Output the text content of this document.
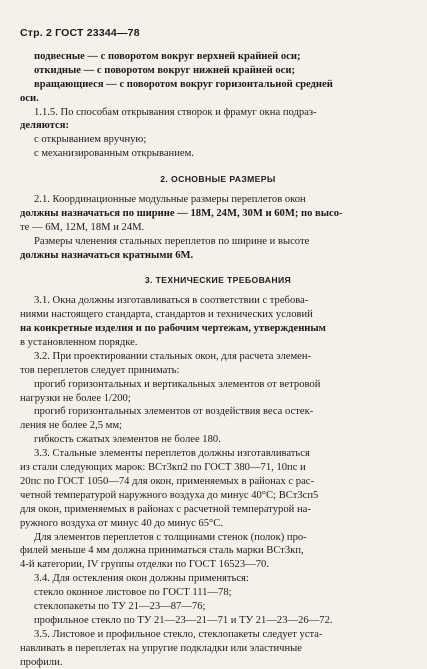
Стр. 2 ГОСТ 23344—78
подвесные — с поворотом вокруг верхней крайней оси;
откидные — с поворотом вокруг нижней крайней оси;
вращающиеся — с поворотом вокруг горизонтальной средней
оси.
1.1.5. По способам открывания створок и фрамуг окна подраз-
деляются:
с открыванием вручную;
с механизированным открыванием.
2. ОСНОВНЫЕ РАЗМЕРЫ
2.1. Координационные модульные размеры переплетов окон
должны назначаться по ширине — 18М, 24М, 30М и 60М; по высо-
те — 6М, 12М, 18М и 24М.
Размеры членения стальных переплетов по ширине и высоте
должны назначаться кратными 6М.
3. ТЕХНИЧЕСКИЕ ТРЕБОВАНИЯ
3.1. Окна должны изготавливаться в соответствии с требова-
ниями настоящего стандарта, стандартов и технических условий
на конкретные изделия и по рабочим чертежам, утвержденным
в установленном порядке.
3.2. При проектировании стальных окон, для расчета элемен-
тов переплетов следует принимать:
прогиб горизонтальных и вертикальных элементов от ветровой
нагрузки не более 1/200;
прогиб горизонтальных элементов от воздействия веса остек-
ления не более 2,5 мм;
гибкость сжатых элементов не более 180.
3.3. Стальные элементы переплетов должны изготавливаться
из стали следующих марок: ВСт3кп2 по ГОСТ 380—71, 10пс и
20пс по ГОСТ 1050—74 для окон, применяемых в районах с рас-
четной температурой наружного воздуха до минус 40°С; ВСт3сп5
для окон, применяемых в районах с расчетной температурой на-
ружного воздуха от минус 40 до минус 65°С.
Для элементов переплетов с толщинами стенок (полок) про-
филей меньше 4 мм должна приниматься сталь марки ВСт3кп,
4-й категории, IV группы отделки по ГОСТ 16523—70.
3.4. Для остекления окон должны применяться:
стекло оконное листовое по ГОСТ 111—78;
стеклопакеты по ТУ 21—23—87—76;
профильное стекло по ТУ 21—23—21—71 и ТУ 21—23—26—72.
3.5. Листовое и профильное стекло, стеклопакеты следует уста-
навливать в переплетах на упругие подкладки или эластичные
профили.
